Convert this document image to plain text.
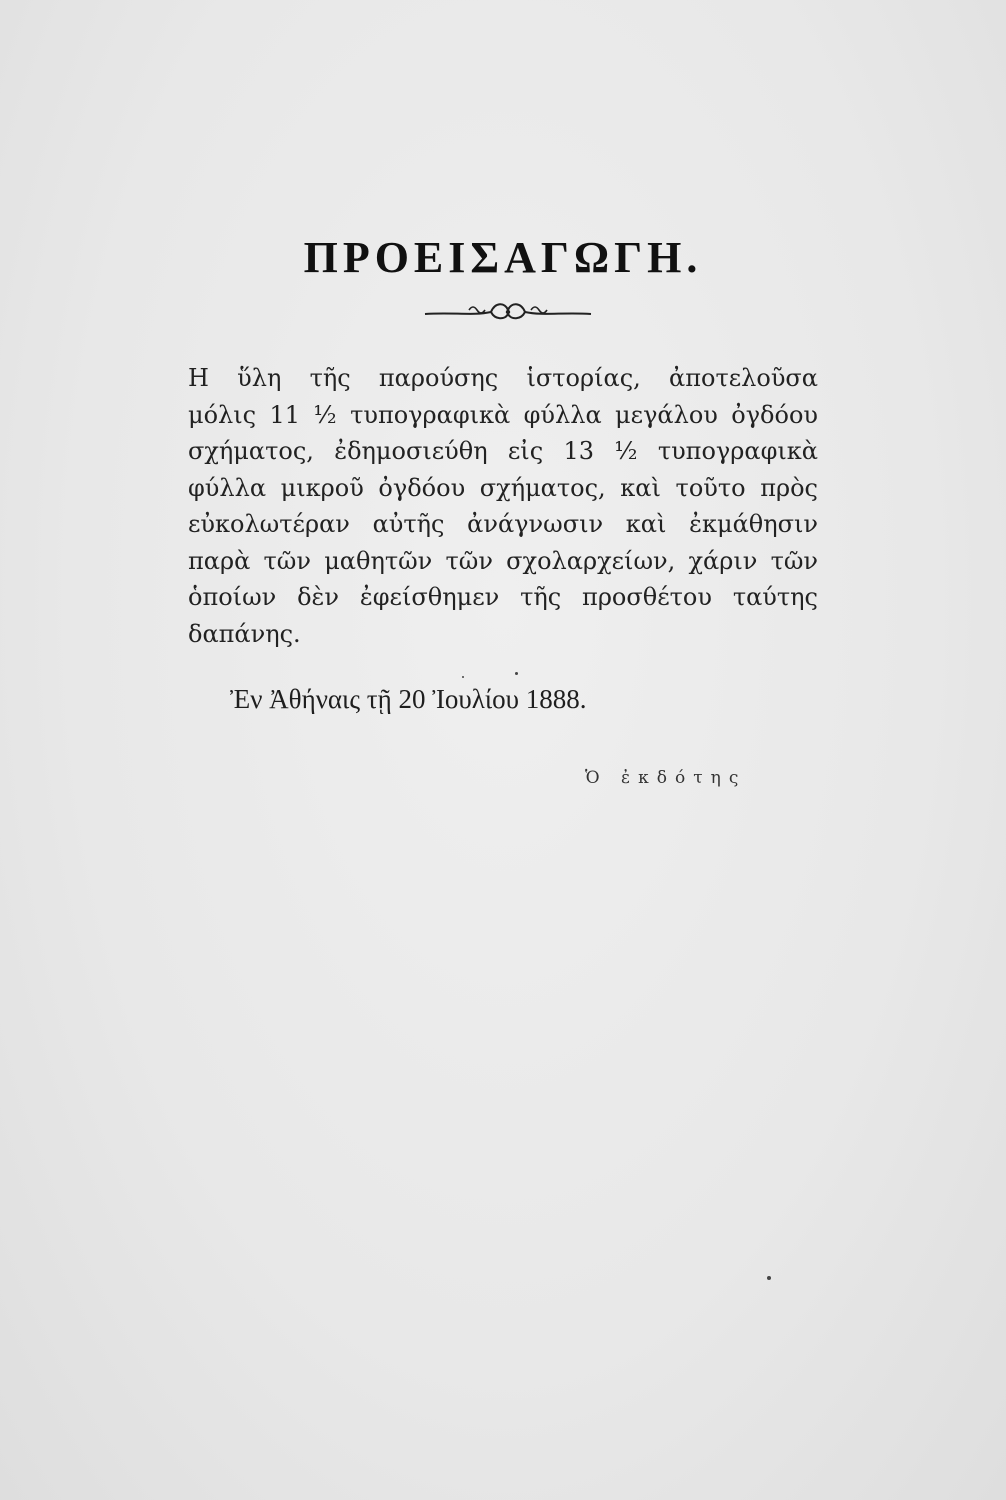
ΠΡΟΕΙΣΑΓΩΓΗ.
Η ὕλη τῆς παρούσης ἱστορίας, ἀποτελοῦσα
μόλις 11 ½ τυπογραφικὰ φύλλα μεγάλου ὀγδόου
σχήματος, ἐδημοσιεύθη εἰς 13 ½ τυπογραφικὰ
φύλλα μικροῦ ὀγδόου σχήματος, καὶ τοῦτο πρὸς
εὐκολωτέραν αὐτῆς ἀνάγνωσιν καὶ ἐκμάθησιν
παρὰ τῶν μαθητῶν τῶν σχολαρχείων, χάριν τῶν
ὁποίων δὲν ἐφείσθημεν τῆς προσθέτου ταύτης
δαπάνης.
Ἐν Ἀθήναις τῇ 20 Ἰουλίου 1888.
Ὁ ἐκδότης
